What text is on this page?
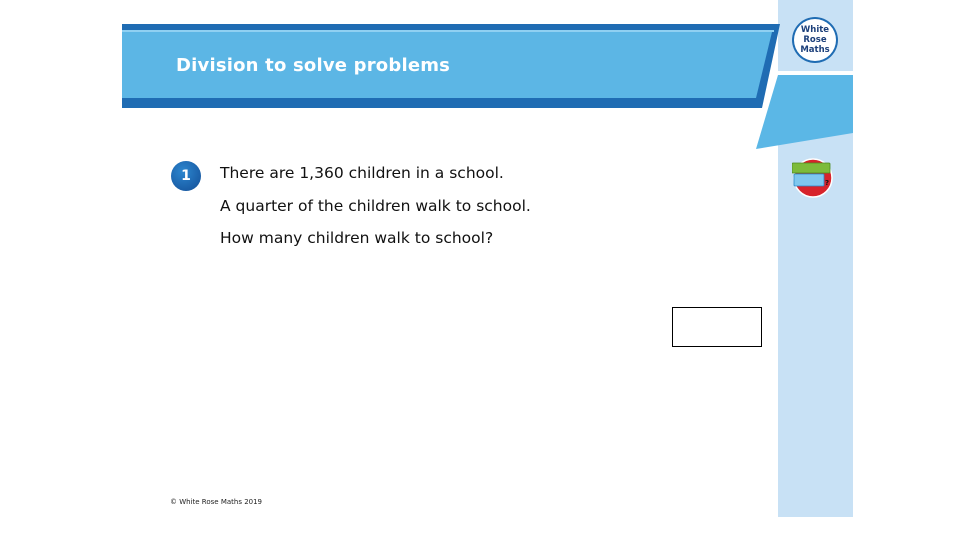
Division to solve problems
White
Rose
Maths
?
1	There are 1,360 children in a school.
A quarter of the children walk to school.
How many children walk to school?
© White Rose Maths 2019
